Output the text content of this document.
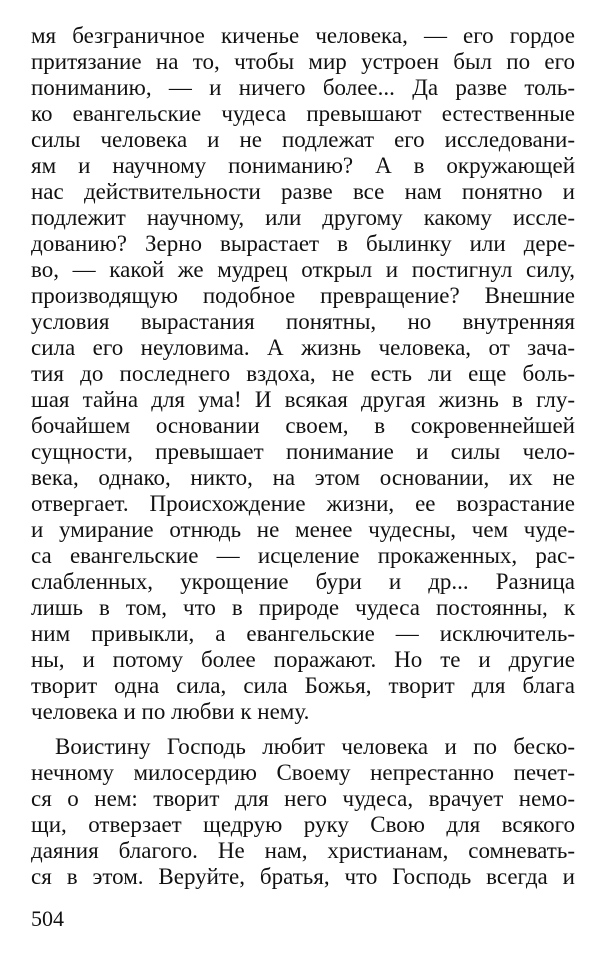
мя безграничное киченье человека, — его гордое
притязание на то, чтобы мир устроен был по его
пониманию, — и ничего более... Да разве толь-
ко евангельские чудеса превышают естественные
силы человека и не подлежат его исследовани-
ям и научному пониманию? А в окружающей
нас действительности разве все нам понятно и
подлежит научному, или другому какому иссле-
дованию? Зерно вырастает в былинку или дере-
во, — какой же мудрец открыл и постигнул силу,
производящую подобное превращение? Внешние
условия вырастания понятны, но внутренняя
сила его неуловима. А жизнь человека, от зача-
тия до последнего вздоха, не есть ли еще боль-
шая тайна для ума! И всякая другая жизнь в глу-
бочайшем основании своем, в сокровеннейшей
сущности, превышает понимание и силы чело-
века, однако, никто, на этом основании, их не
отвергает. Происхождение жизни, ее возрастание
и умирание отнюдь не менее чудесны, чем чуде-
са евангельские — исцеление прокаженных, рас-
слабленных, укрощение бури и др... Разница
лишь в том, что в природе чудеса постоянны, к
ним привыкли, а евангельские — исключитель-
ны, и потому более поражают. Но те и другие
творит одна сила, сила Божья, творит для блага
человека и по любви к нему.
Воистину Господь любит человека и по беско-
нечному милосердию Своему непрестанно печет-
ся о нем: творит для него чудеса, врачует немо-
щи, отверзает щедрую руку Свою для всякого
даяния благого. Не нам, христианам, сомневать-
ся в этом. Веруйте, братья, что Господь всегда и
504
